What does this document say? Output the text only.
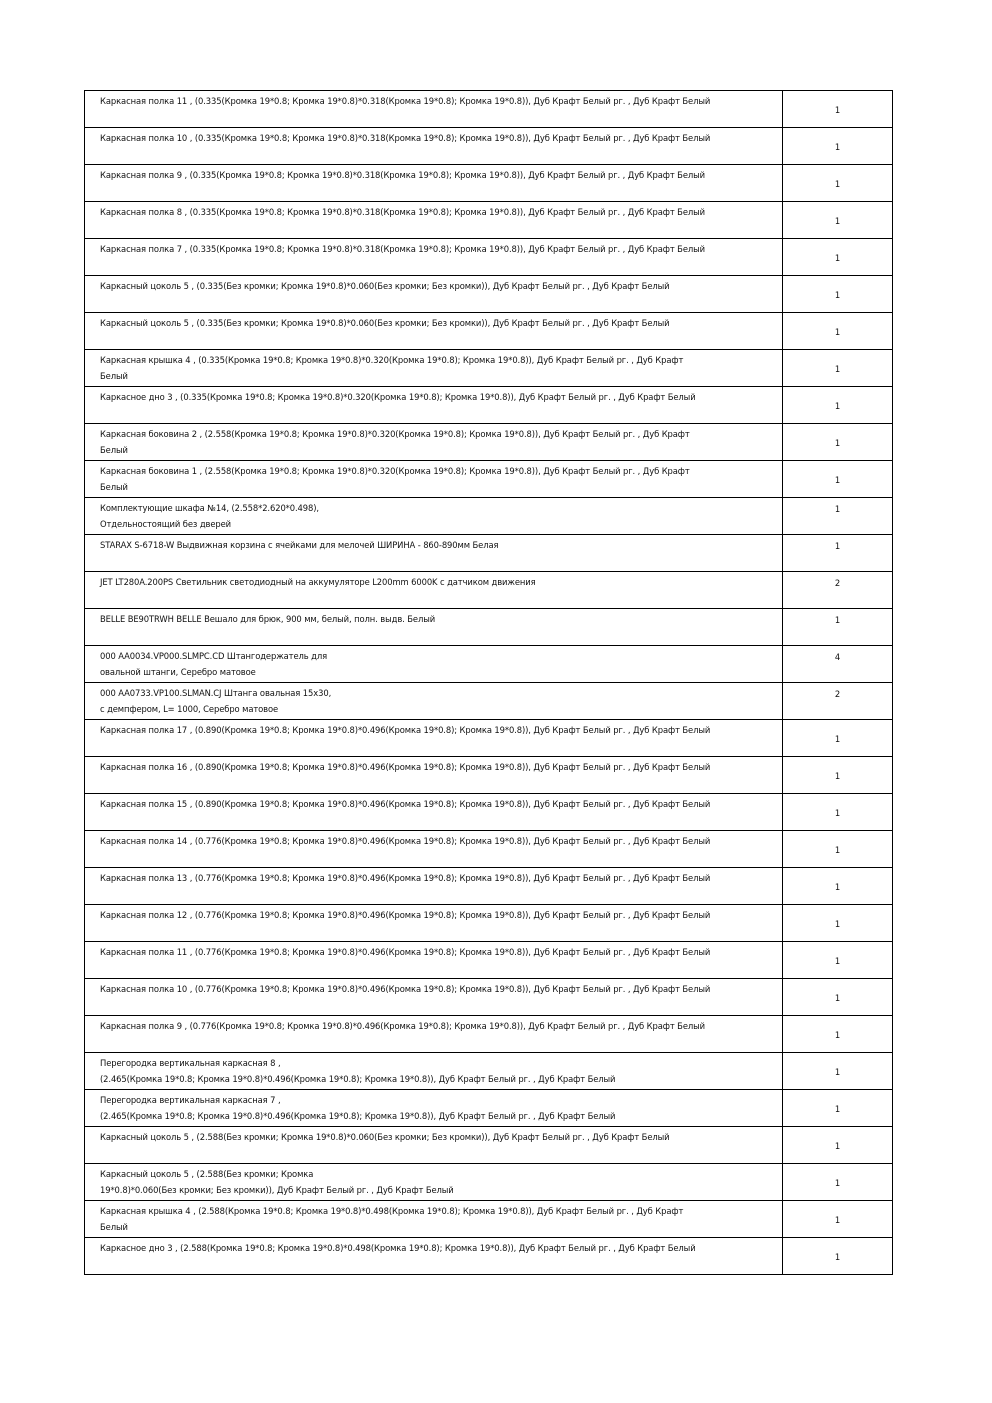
Каркасная полка 11 , (0.335(Кромка 19*0.8; Кромка 19*0.8)*0.318(Кромка 19*0.8); Кромка 19*0.8)), Дуб Крафт Белый рг. , Дуб Крафт Белый	1

Каркасная полка 10 , (0.335(Кромка 19*0.8; Кромка 19*0.8)*0.318(Кромка 19*0.8); Кромка 19*0.8)), Дуб Крафт Белый рг. , Дуб Крафт Белый	1

Каркасная полка 9 , (0.335(Кромка 19*0.8; Кромка 19*0.8)*0.318(Кромка 19*0.8); Кромка 19*0.8)), Дуб Крафт Белый рг. , Дуб Крафт Белый	1

Каркасная полка 8 , (0.335(Кромка 19*0.8; Кромка 19*0.8)*0.318(Кромка 19*0.8); Кромка 19*0.8)), Дуб Крафт Белый рг. , Дуб Крафт Белый	1

Каркасная полка 7 , (0.335(Кромка 19*0.8; Кромка 19*0.8)*0.318(Кромка 19*0.8); Кромка 19*0.8)), Дуб Крафт Белый рг. , Дуб Крафт Белый	1

Каркасный цоколь 5 , (0.335(Без кромки; Кромка 19*0.8)*0.060(Без кромки; Без кромки)), Дуб Крафт Белый рг. , Дуб Крафт Белый	1

Каркасный цоколь 5 , (0.335(Без кромки; Кромка 19*0.8)*0.060(Без кромки; Без кромки)), Дуб Крафт Белый рг. , Дуб Крафт Белый	1

Каркасная крышка 4 , (0.335(Кромка 19*0.8; Кромка 19*0.8)*0.320(Кромка 19*0.8); Кромка 19*0.8)), Дуб Крафт Белый рг. , Дуб Крафт
Белый	1

Каркасное дно 3 , (0.335(Кромка 19*0.8; Кромка 19*0.8)*0.320(Кромка 19*0.8); Кромка 19*0.8)), Дуб Крафт Белый рг. , Дуб Крафт Белый	1

Каркасная боковина 2 , (2.558(Кромка 19*0.8; Кромка 19*0.8)*0.320(Кромка 19*0.8); Кромка 19*0.8)), Дуб Крафт Белый рг. , Дуб Крафт
Белый	1

Каркасная боковина 1 , (2.558(Кромка 19*0.8; Кромка 19*0.8)*0.320(Кромка 19*0.8); Кромка 19*0.8)), Дуб Крафт Белый рг. , Дуб Крафт
Белый	1

Комплектующие шкафа №14, (2.558*2.620*0.498),
Отдельностоящий без дверей	1

STARAX S-6718-W Выдвижная корзина с ячейками для мелочей ШИРИНА - 860-890мм Белая	1

JET LT280A.200PS Светильник светодиодный на аккумуляторе L200mm 6000K с датчиком движения	2

BELLE BE90TRWH BELLE Вешало для брюк, 900 мм, белый, полн. выдв. Белый	1

000 AA0034.VP000.SLMPC.CD Штангодержатель для
овальной штанги, Серебро матовое	4

000 AA0733.VP100.SLMAN.CJ Штанга овальная 15x30,
с демпфером, L= 1000, Серебро матовое	2

Каркасная полка 17 , (0.890(Кромка 19*0.8; Кромка 19*0.8)*0.496(Кромка 19*0.8); Кромка 19*0.8)), Дуб Крафт Белый рг. , Дуб Крафт Белый	1

Каркасная полка 16 , (0.890(Кромка 19*0.8; Кромка 19*0.8)*0.496(Кромка 19*0.8); Кромка 19*0.8)), Дуб Крафт Белый рг. , Дуб Крафт Белый	1

Каркасная полка 15 , (0.890(Кромка 19*0.8; Кромка 19*0.8)*0.496(Кромка 19*0.8); Кромка 19*0.8)), Дуб Крафт Белый рг. , Дуб Крафт Белый	1

Каркасная полка 14 , (0.776(Кромка 19*0.8; Кромка 19*0.8)*0.496(Кромка 19*0.8); Кромка 19*0.8)), Дуб Крафт Белый рг. , Дуб Крафт Белый	1

Каркасная полка 13 , (0.776(Кромка 19*0.8; Кромка 19*0.8)*0.496(Кромка 19*0.8); Кромка 19*0.8)), Дуб Крафт Белый рг. , Дуб Крафт Белый	1

Каркасная полка 12 , (0.776(Кромка 19*0.8; Кромка 19*0.8)*0.496(Кромка 19*0.8); Кромка 19*0.8)), Дуб Крафт Белый рг. , Дуб Крафт Белый	1

Каркасная полка 11 , (0.776(Кромка 19*0.8; Кромка 19*0.8)*0.496(Кромка 19*0.8); Кромка 19*0.8)), Дуб Крафт Белый рг. , Дуб Крафт Белый	1

Каркасная полка 10 , (0.776(Кромка 19*0.8; Кромка 19*0.8)*0.496(Кромка 19*0.8); Кромка 19*0.8)), Дуб Крафт Белый рг. , Дуб Крафт Белый	1

Каркасная полка 9 , (0.776(Кромка 19*0.8; Кромка 19*0.8)*0.496(Кромка 19*0.8); Кромка 19*0.8)), Дуб Крафт Белый рг. , Дуб Крафт Белый	1

Перегородка вертикальная каркасная 8 ,
(2.465(Кромка 19*0.8; Кромка 19*0.8)*0.496(Кромка 19*0.8); Кромка 19*0.8)), Дуб Крафт Белый рг. , Дуб Крафт Белый	1

Перегородка вертикальная каркасная 7 ,
(2.465(Кромка 19*0.8; Кромка 19*0.8)*0.496(Кромка 19*0.8); Кромка 19*0.8)), Дуб Крафт Белый рг. , Дуб Крафт Белый	1

Каркасный цоколь 5 , (2.588(Без кромки; Кромка 19*0.8)*0.060(Без кромки; Без кромки)), Дуб Крафт Белый рг. , Дуб Крафт Белый	1

Каркасный цоколь 5 , (2.588(Без кромки; Кромка
19*0.8)*0.060(Без кромки; Без кромки)), Дуб Крафт Белый рг. , Дуб Крафт Белый	1

Каркасная крышка 4 , (2.588(Кромка 19*0.8; Кромка 19*0.8)*0.498(Кромка 19*0.8); Кромка 19*0.8)), Дуб Крафт Белый рг. , Дуб Крафт
Белый	1

Каркасное дно 3 , (2.588(Кромка 19*0.8; Кромка 19*0.8)*0.498(Кромка 19*0.8); Кромка 19*0.8)), Дуб Крафт Белый рг. , Дуб Крафт Белый	1
